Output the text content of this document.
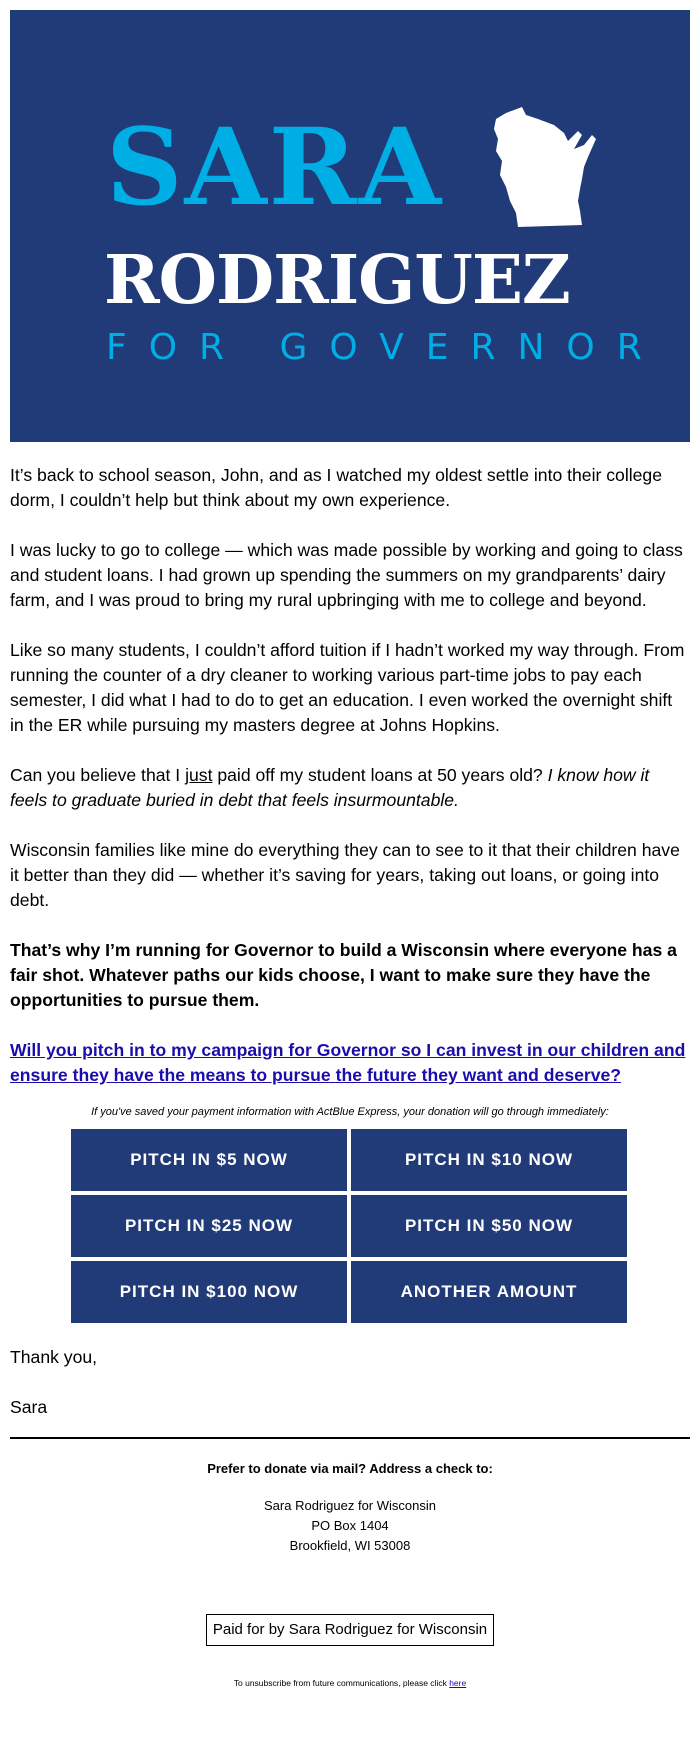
SARA
RODRIGUEZ
FOR GOVERNOR

It’s back to school season, John, and as I watched my oldest settle into their college dorm, I couldn’t help but think about my own experience.

I was lucky to go to college — which was made possible by working and going to class and student loans. I had grown up spending the summers on my grandparents’ dairy farm, and I was proud to bring my rural upbringing with me to college and beyond.

Like so many students, I couldn’t afford tuition if I hadn’t worked my way through. From running the counter of a dry cleaner to working various part-time jobs to pay each semester, I did what I had to do to get an education. I even worked the overnight shift in the ER while pursuing my masters degree at Johns Hopkins.

Can you believe that I just paid off my student loans at 50 years old? I know how it feels to graduate buried in debt that feels insurmountable.

Wisconsin families like mine do everything they can to see to it that their children have it better than they did — whether it’s saving for years, taking out loans, or going into debt.

That’s why I’m running for Governor to build a Wisconsin where everyone has a fair shot. Whatever paths our kids choose, I want to make sure they have the opportunities to pursue them.

Will you pitch in to my campaign for Governor so I can invest in our children and ensure they have the means to pursue the future they want and deserve?

If you've saved your payment information with ActBlue Express, your donation will go through immediately:
PITCH IN $5 NOW	PITCH IN $10 NOW
PITCH IN $25 NOW	PITCH IN $50 NOW
PITCH IN $100 NOW	ANOTHER AMOUNT
Thank you,
Sara
Prefer to donate via mail? Address a check to:
Sara Rodriguez for Wisconsin
PO Box 1404
Brookfield, WI 53008
Paid for by Sara Rodriguez for Wisconsin
To unsubscribe from future communications, please click here
